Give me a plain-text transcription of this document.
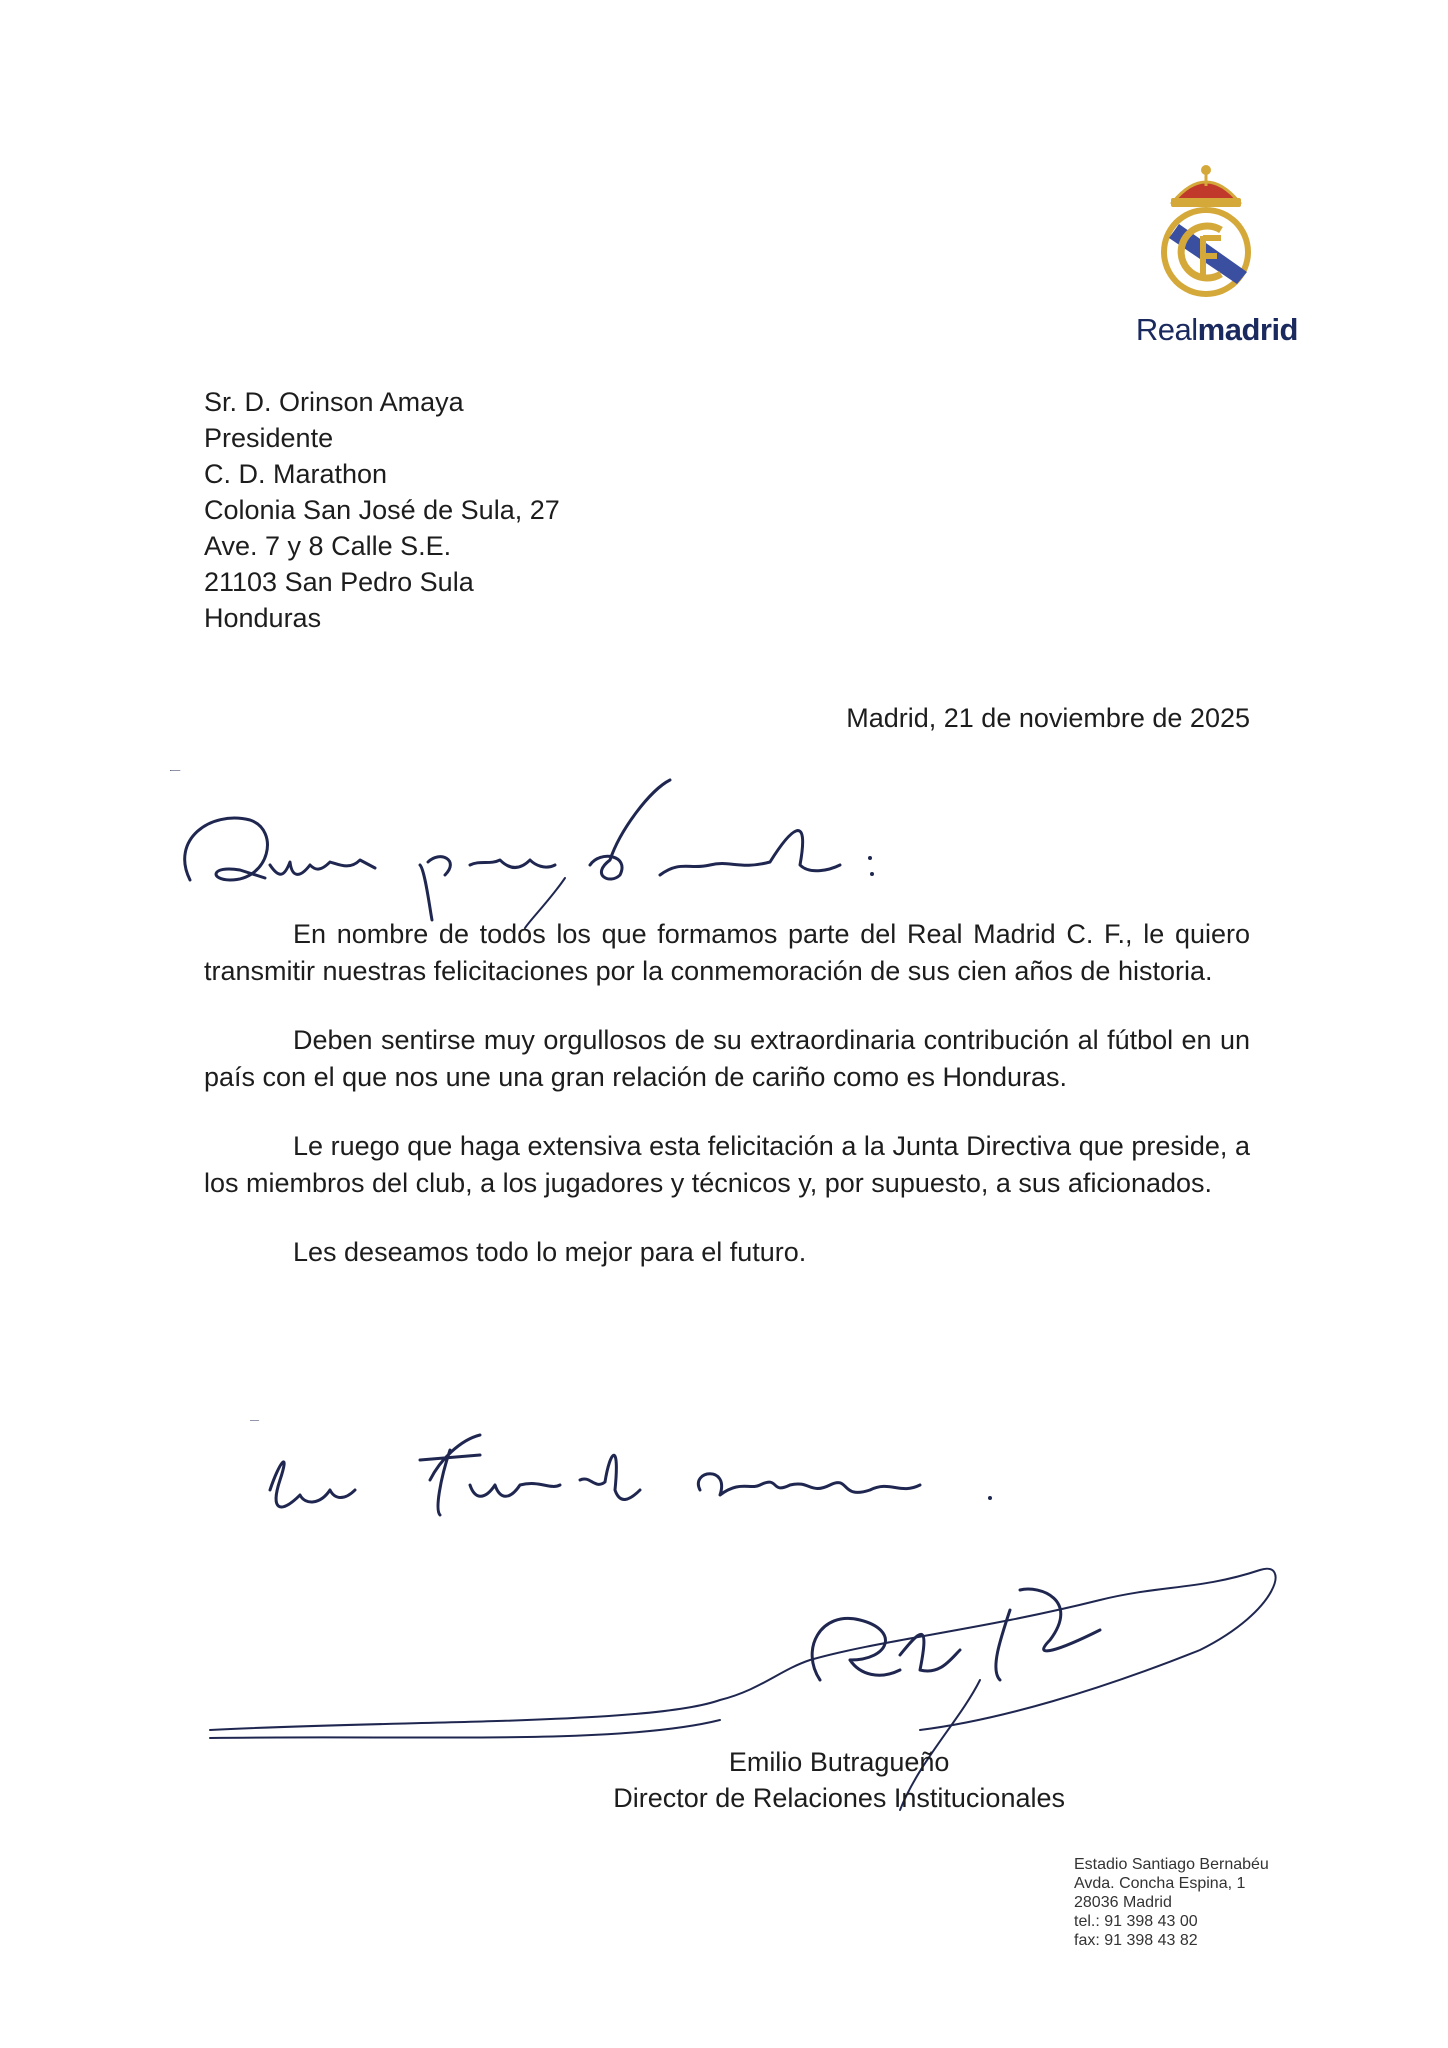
Realmadrid
Sr. D. Orinson Amaya
Presidente
C. D. Marathon
Colonia San José de Sula, 27
Ave. 7 y 8 Calle S.E.
21103 San Pedro Sula
Honduras
Madrid, 21 de noviembre de 2025
Querido presidente:

En nombre de todos los que formamos parte del Real Madrid C. F., le quiero transmitir nuestras felicitaciones por la conmemoración de sus cien años de historia.

Deben sentirse muy orgullosos de su extraordinaria contribución al fútbol en un país con el que nos une una gran relación de cariño como es Honduras.

Le ruego que haga extensiva esta felicitación a la Junta Directiva que preside, a los miembros del club, a los jugadores y técnicos y, por supuesto, a sus aficionados.

Les deseamos todo lo mejor para el futuro.

Un fuerte abrazo.
Emilio Butragueño
Director de Relaciones Institucionales
Estadio Santiago Bernabéu
Avda. Concha Espina, 1
28036 Madrid
tel.: 91 398 43 00
fax: 91 398 43 82
